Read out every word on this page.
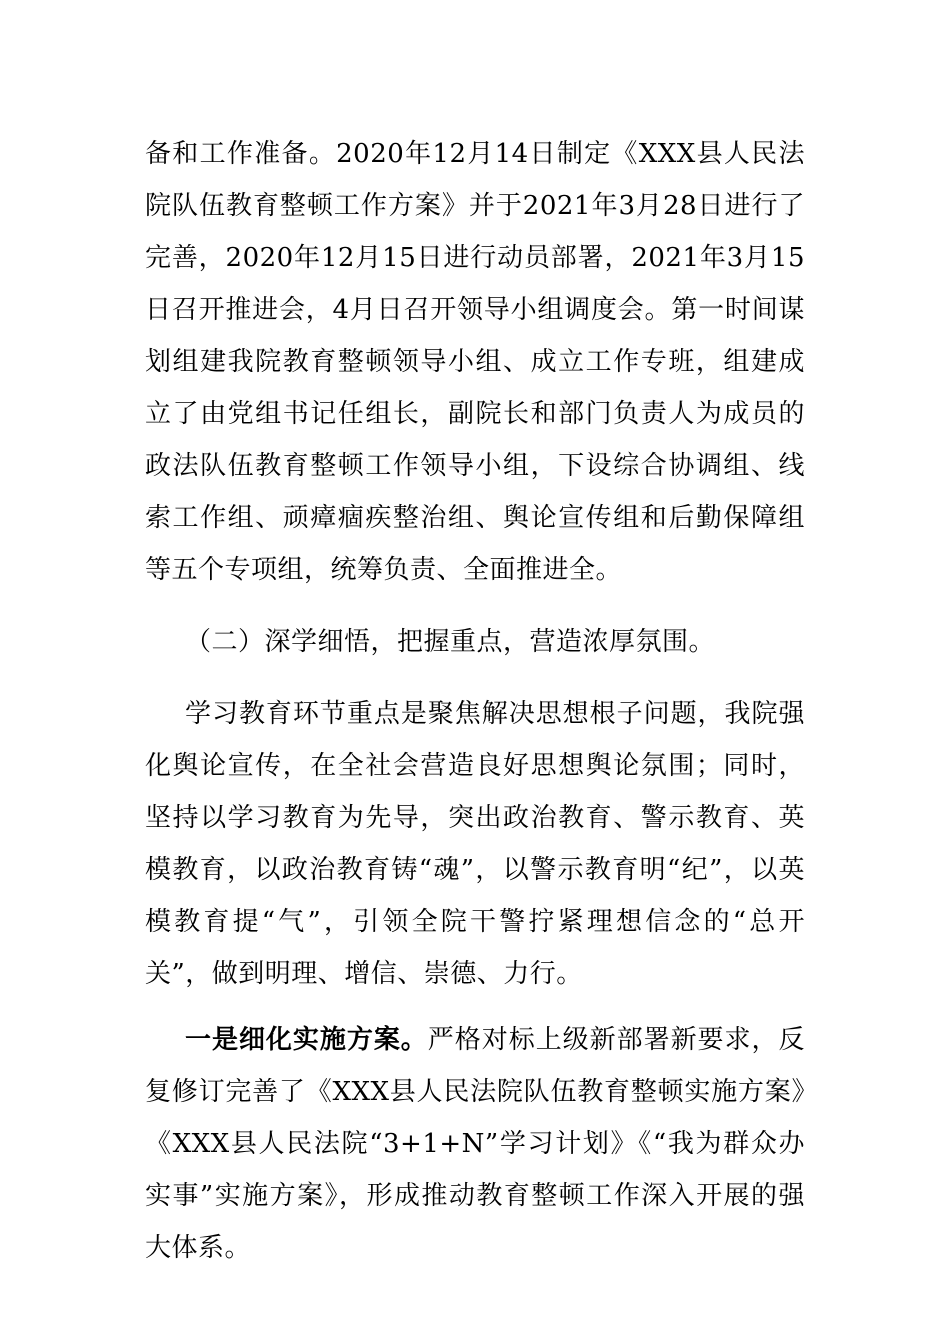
备和工作准备。2020年12月14日制定《XXX县人民法院队伍教育整顿工作方案》并于2021年3月28日进行了完善，2020年12月15日进行动员部署，2021年3月15日召开推进会，4月日召开领导小组调度会。第一时间谋划组建我院教育整顿领导小组、成立工作专班，组建成立了由党组书记任组长，副院长和部门负责人为成员的政法队伍教育整顿工作领导小组，下设综合协调组、线索工作组、顽瘴痼疾整治组、舆论宣传组和后勤保障组等五个专项组，统筹负责、全面推进全。

（二）深学细悟，把握重点，营造浓厚氛围。

学习教育环节重点是聚焦解决思想根子问题，我院强化舆论宣传，在全社会营造良好思想舆论氛围；同时，坚持以学习教育为先导，突出政治教育、警示教育、英模教育，以政治教育铸“魂”，以警示教育明“纪”，以英模教育提“气”，引领全院干警拧紧理想信念的“总开关”，做到明理、增信、崇德、力行。

一是细化实施方案。严格对标上级新部署新要求，反复修订完善了《XXX县人民法院队伍教育整顿实施方案》《XXX县人民法院“3+1+N”学习计划》《“我为群众办实事”实施方案》，形成推动教育整顿工作深入开展的强大体系。
